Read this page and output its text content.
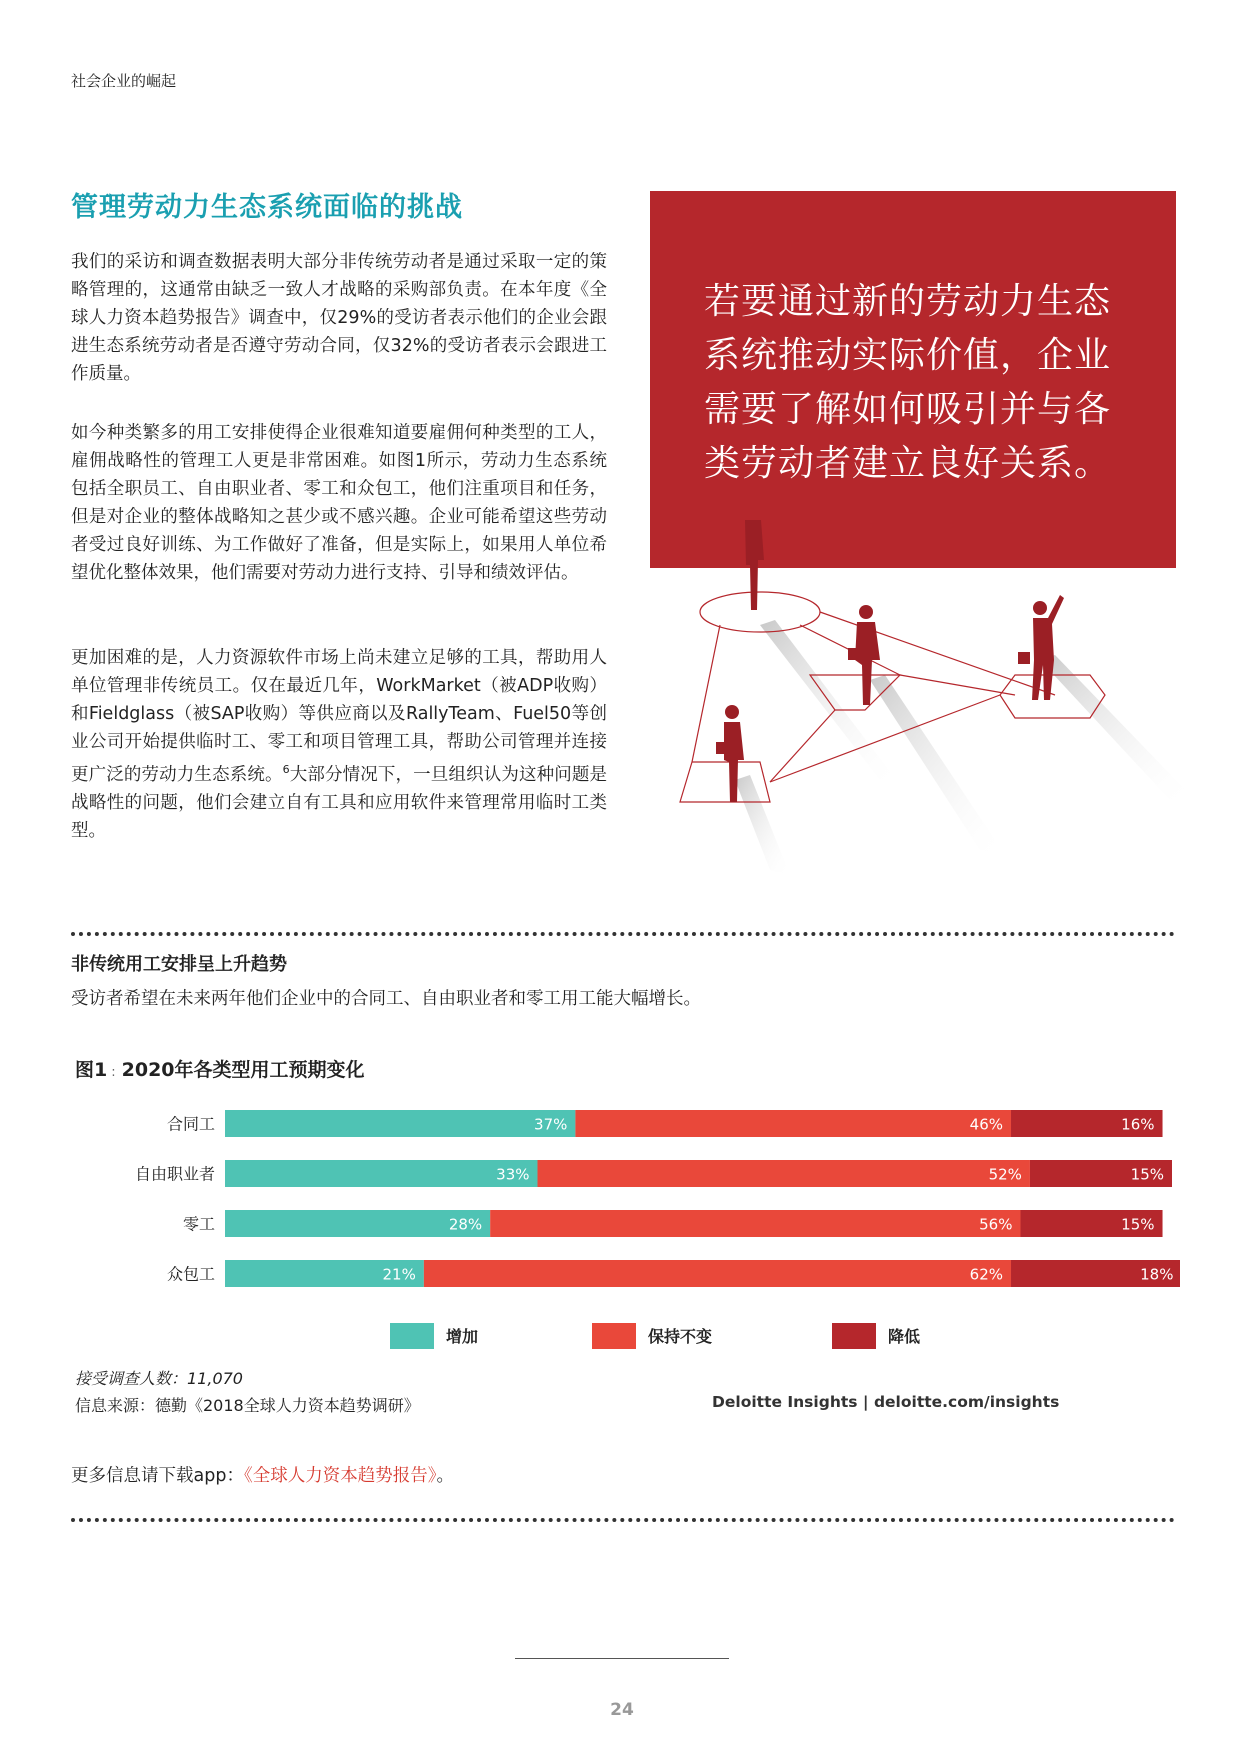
社会企业的崛起
管理劳动力生态系统面临的挑战

我们的采访和调查数据表明大部分非传统劳动者是通过采取一定的策略管理的，这通常由缺乏一致人才战略的采购部负责。在本年度《全球人力资本趋势报告》调查中，仅29%的受访者表示他们的企业会跟进生态系统劳动者是否遵守劳动合同，仅32%的受访者表示会跟进工作质量。

如今种类繁多的用工安排使得企业很难知道要雇佣何种类型的工人，雇佣战略性的管理工人更是非常困难。如图1所示，劳动力生态系统包括全职员工、自由职业者、零工和众包工，他们注重项目和任务，但是对企业的整体战略知之甚少或不感兴趣。企业可能希望这些劳动者受过良好训练、为工作做好了准备，但是实际上，如果用人单位希望优化整体效果，他们需要对劳动力进行支持、引导和绩效评估。

更加困难的是，人力资源软件市场上尚未建立足够的工具，帮助用人单位管理非传统员工。仅在最近几年，WorkMarket（被ADP收购）和Fieldglass（被SAP收购）等供应商以及RallyTeam、Fuel50等创业公司开始提供临时工、零工和项目管理工具，帮助公司管理并连接更广泛的劳动力生态系统。$^6$大部分情况下，一旦组织认为这种问题是战略性的问题，他们会建立自有工具和应用软件来管理常用临时工类型。

若要通过新的劳动力生态系统推动实际价值，企业需要了解如何吸引并与各类劳动者建立良好关系。
非传统用工安排呈上升趋势
受访者希望在未来两年他们企业中的合同工、自由职业者和零工用工能大幅增长。
图1 : 2020年各类型用工预期变化
合同工	37%	46%	16%
自由职业者	33%	52%	15%
零工	28%	56%	15%
众包工	21%	62%	18%
增加	保持不变	降低
接受调查人数：11,070
信息来源：德勤《2018全球人力资本趋势调研》	Deloitte Insights | deloitte.com/insights
更多信息请下载app：《全球人力资本趋势报告》。
24
